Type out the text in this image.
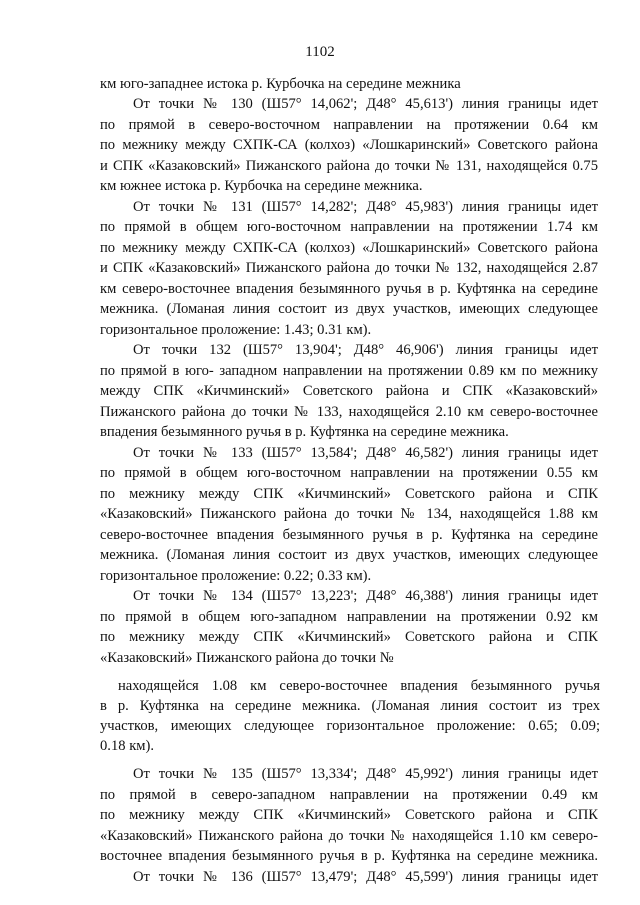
1102
км юго-западнее истока р. Курбочка на середине межника
От точки № 130 (Ш57° 14,062'; Д48° 45,613') линия границы идет
по прямой в северо-восточном направлении на протяжении 0.64 км
по межнику между СХПК-СА (колхоз) «Лошкаринский» Советского района
и СПК «Казаковский» Пижанского района до точки № 131, находящейся 0.75
км южнее истока р. Курбочка на середине межника.
От точки № 131 (Ш57° 14,282'; Д48° 45,983') линия границы идет
по прямой в общем юго-восточном направлении на протяжении 1.74 км
по межнику между СХПК-СА (колхоз) «Лошкаринский» Советского района
и СПК «Казаковский» Пижанского района до точки № 132, находящейся 2.87
км северо-восточнее впадения безымянного ручья в р. Куфтянка на середине
межника. (Ломаная линия состоит из двух участков, имеющих следующее
горизонтальное проложение: 1.43; 0.31 км).
От точки 132 (Ш57° 13,904'; Д48° 46,906') линия границы идет
по прямой в юго- западном направлении на протяжении 0.89 км по межнику
между СПК «Кичминский» Советского района и СПК «Казаковский»
Пижанского района до точки № 133, находящейся 2.10 км северо-восточнее
впадения безымянного ручья в р. Куфтянка на середине межника.
От точки № 133 (Ш57° 13,584'; Д48° 46,582') линия границы идет
по прямой в общем юго-восточном направлении на протяжении 0.55 км
по межнику между СПК «Кичминский» Советского района и СПК
«Казаковский» Пижанского района до точки № 134, находящейся 1.88 км
северо-восточнее впадения безымянного ручья в р. Куфтянка на середине
межника. (Ломаная линия состоит из двух участков, имеющих следующее
горизонтальное проложение: 0.22; 0.33 км).
От точки № 134 (Ш57° 13,223'; Д48° 46,388') линия границы идет
по прямой в общем юго-западном направлении на протяжении 0.92 км
по межнику между СПК «Кичминский» Советского района и СПК
«Казаковский» Пижанского района до точки №
находящейся 1.08 км северо-восточнее впадения безымянного ручья
в р. Куфтянка на середине межника. (Ломаная линия состоит из трех
участков, имеющих следующее горизонтальное проложение: 0.65; 0.09;
0.18 км).
От точки № 135 (Ш57° 13,334'; Д48° 45,992') линия границы идет
по прямой в северо-западном направлении на протяжении 0.49 км
по межнику между СПК «Кичминский» Советского района и СПК
«Казаковский» Пижанского района до точки № находящейся 1.10 км северо-
восточнее впадения безымянного ручья в р. Куфтянка на середине межника.
От точки № 136 (Ш57° 13,479'; Д48° 45,599') линия границы идет
